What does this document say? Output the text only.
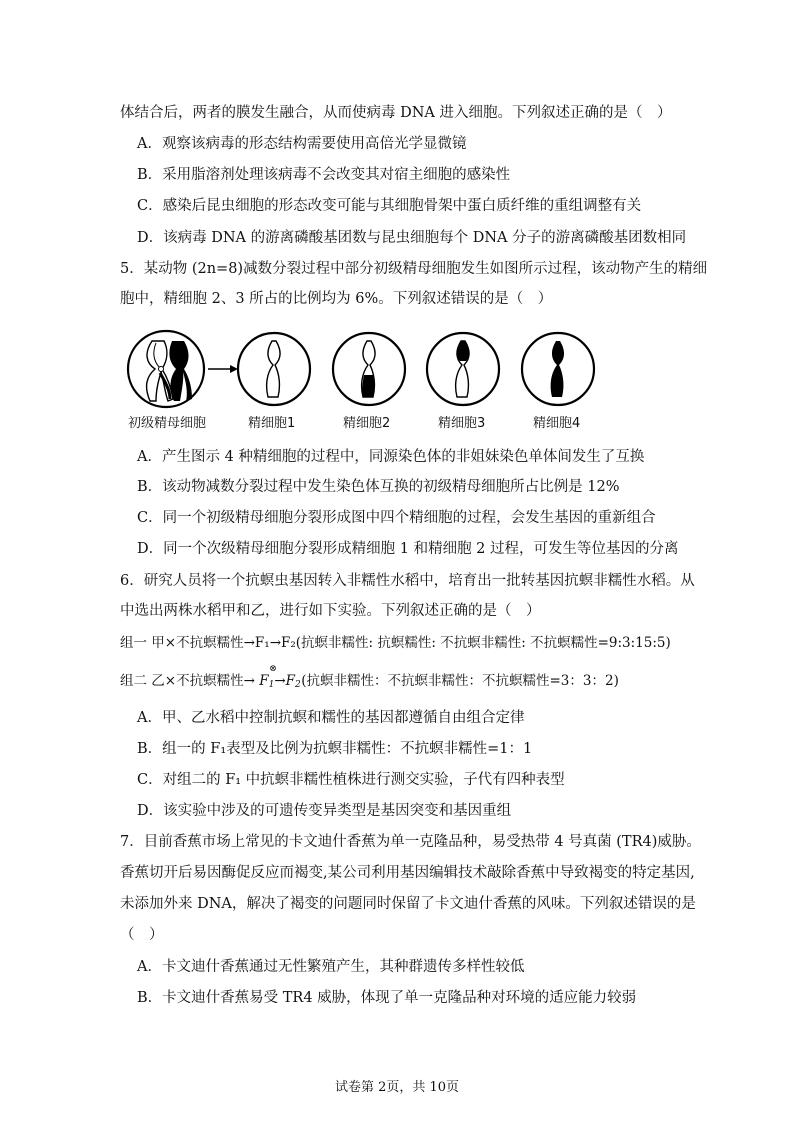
体结合后，两者的膜发生融合，从而使病毒 DNA 进入细胞。下列叙述正确的是（　）
A．观察该病毒的形态结构需要使用高倍光学显微镜
B．采用脂溶剂处理该病毒不会改变其对宿主细胞的感染性
C．感染后昆虫细胞的形态改变可能与其细胞骨架中蛋白质纤维的重组调整有关
D．该病毒 DNA 的游离磷酸基团数与昆虫细胞每个 DNA 分子的游离磷酸基团数相同
5．某动物 (2n=8)减数分裂过程中部分初级精母细胞发生如图所示过程，该动物产生的精细
胞中，精细胞 2、3 所占的比例均为 6%。下列叙述错误的是（　）
初级精母细胞	精细胞1	精细胞2	精细胞3	精细胞4
A．产生图示 4 种精细胞的过程中，同源染色体的非姐妹染色单体间发生了互换
B．该动物减数分裂过程中发生染色体互换的初级精母细胞所占比例是 12%
C．同一个初级精母细胞分裂形成图中四个精细胞的过程，会发生基因的重新组合
D．同一个次级精母细胞分裂形成精细胞 1 和精细胞 2 过程，可发生等位基因的分离
6．研究人员将一个抗螟虫基因转入非糯性水稻中，培育出一批转基因抗螟非糯性水稻。从
中选出两株水稻甲和乙，进行如下实验。下列叙述正确的是（　）
组一 甲×不抗螟糯性→F₁→F₂(抗螟非糯性: 抗螟糯性: 不抗螟非糯性: 不抗螟糯性=9:3:15:5)
组二 乙×不抗螟糯性→
⊗
$F_1\to F_2$(抗螟非糯性：不抗螟非糯性：不抗螟糯性=3：3：2)
A．甲、乙水稻中控制抗螟和糯性的基因都遵循自由组合定律
B．组一的 F₁表型及比例为抗螟非糯性：不抗螟非糯性=1：1
C．对组二的 F₁ 中抗螟非糯性植株进行测交实验，子代有四种表型
D．该实验中涉及的可遗传变异类型是基因突变和基因重组
7．目前香蕉市场上常见的卡文迪什香蕉为单一克隆品种，易受热带 4 号真菌 (TR4)威胁。
香蕉切开后易因酶促反应而褐变,某公司利用基因编辑技术敲除香蕉中导致褐变的特定基因,
未添加外来 DNA，解决了褐变的问题同时保留了卡文迪什香蕉的风味。下列叙述错误的是
（　）
A．卡文迪什香蕉通过无性繁殖产生，其种群遗传多样性较低
B．卡文迪什香蕉易受 TR4 威胁，体现了单一克隆品种对环境的适应能力较弱
试卷第 2页，共 10页
